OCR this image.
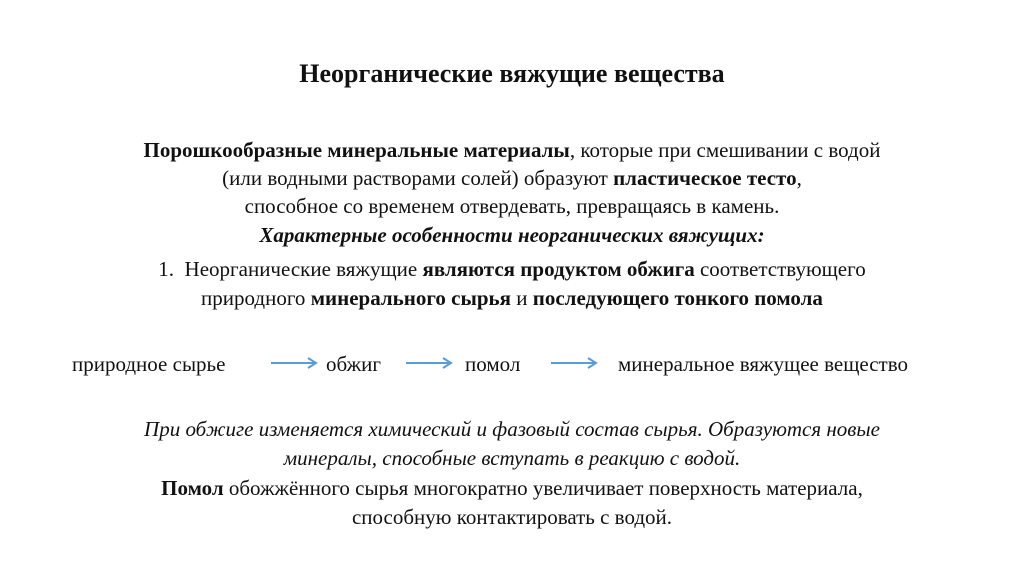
Неорганические вяжущие вещества
Порошкообразные минеральные материалы, которые при смешивании с водой
(или водными растворами солей) образуют пластическое тесто,
способное со временем отвердевать, превращаясь в камень.
Характерные особенности неорганических вяжущих:
1. Неорганические вяжущие являются продуктом обжига соответствующего
природного минерального сырья и последующего тонкого помола
природное сырье	обжиг	помол	минеральное вяжущее вещество
При обжиге изменяется химический и фазовый состав сырья. Образуются новые
минералы, способные вступать в реакцию с водой.
Помол обожжённого сырья многократно увеличивает поверхность материала,
способную контактировать с водой.
